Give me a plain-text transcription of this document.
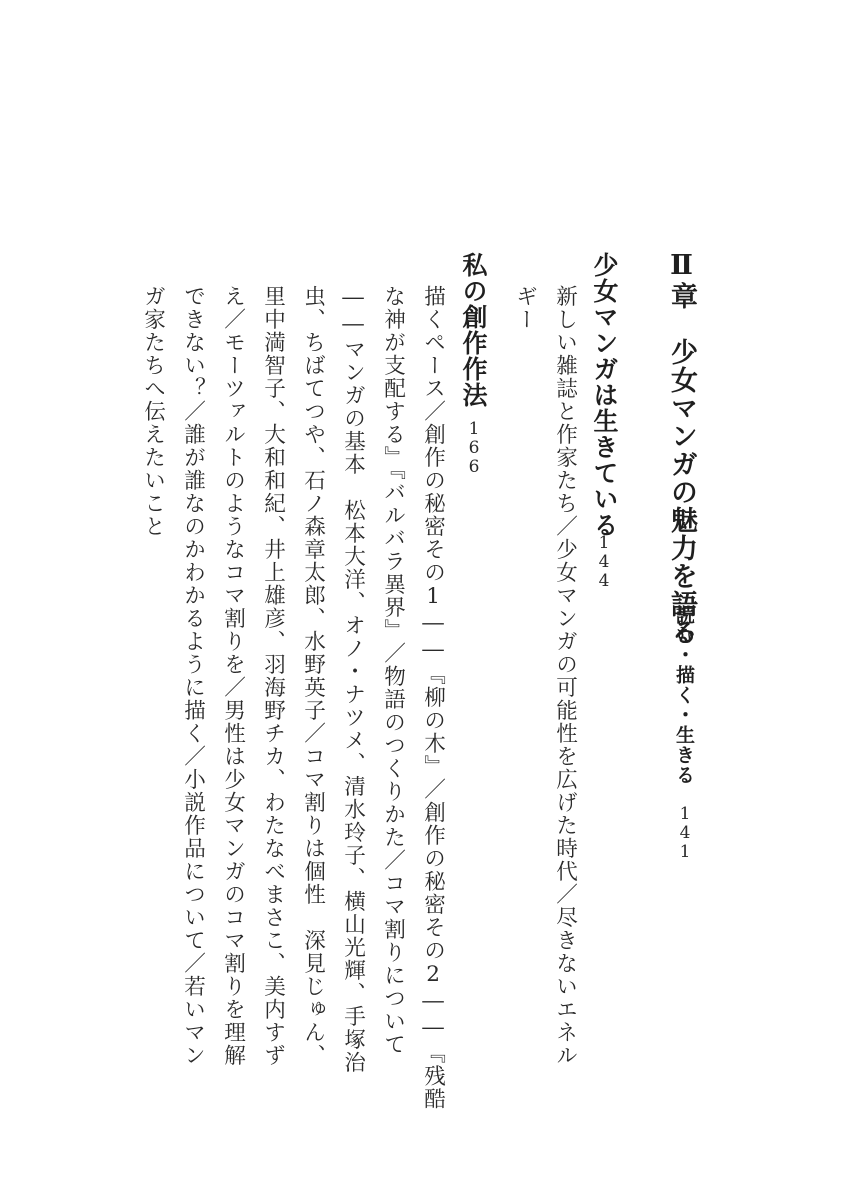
Ⅱ章　少女マンガの魅力を語る
読む・描く・生きる
141
少女マンガは生きている
144
新しい雑誌と作家たち／少女マンガの可能性を広げた時代／尽きないエネル
ギー
私の創作作法
166
描くペース／創作の秘密その1――『柳の木』／創作の秘密その2――『残酷
な神が支配する』『バルバラ異界』／物語のつくりかた／コマ割りについて
――マンガの基本　松本大洋、オノ・ナツメ、清水玲子、横山光輝、手塚治
虫、ちばてつや、石ノ森章太郎、水野英子／コマ割りは個性　深見じゅん、
里中満智子、大和和紀、井上雄彦、羽海野チカ、わたなべまさこ、美内すず
え／モーツァルトのようなコマ割りを／男性は少女マンガのコマ割りを理解
できない？／誰が誰なのかわかるように描く／小説作品について／若いマン
ガ家たちへ伝えたいこと
